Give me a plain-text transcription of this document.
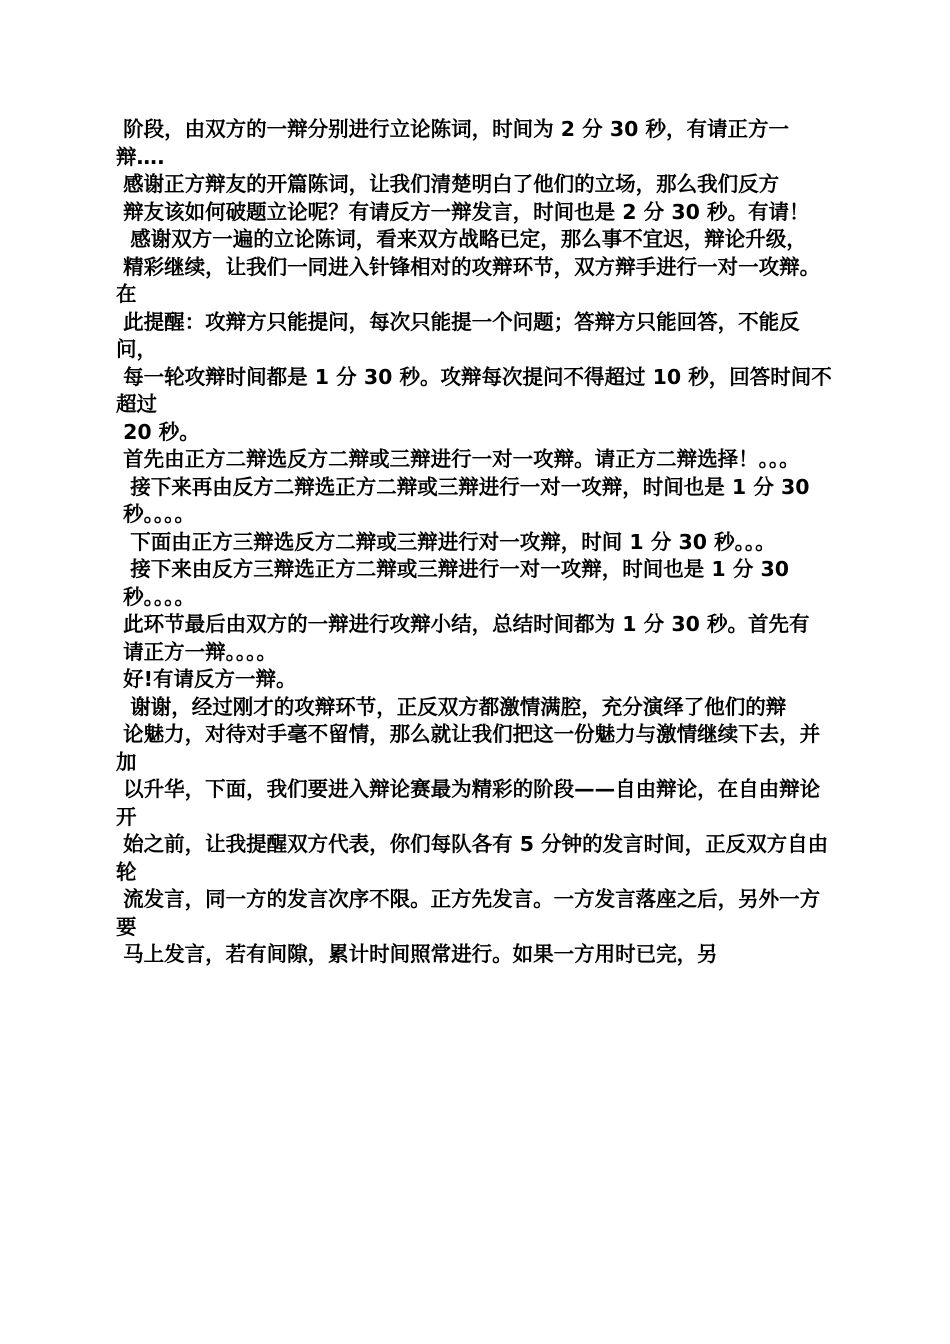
阶段，由双方的一辩分别进行立论陈词，时间为 2 分 30 秒，有请正方一辩….

感谢正方辩友的开篇陈词，让我们清楚明白了他们的立场，那么我们反方

辩友该如何破题立论呢？有请反方一辩发言，时间也是 2 分 30 秒。有请！

感谢双方一遍的立论陈词，看来双方战略已定，那么事不宜迟，辩论升级，

精彩继续，让我们一同进入针锋相对的攻辩环节，双方辩手进行一对一攻辩。在

此提醒：攻辩方只能提问，每次只能提一个问题；答辩方只能回答，不能反问，

每一轮攻辩时间都是 1 分 30 秒。攻辩每次提问不得超过 10 秒，回答时间不超过

20 秒。

首先由正方二辩选反方二辩或三辩进行一对一攻辩。请正方二辩选择！。。。

接下来再由反方二辩选正方二辩或三辩进行一对一攻辩，时间也是 1 分 30

秒。。。。

下面由正方三辩选反方二辩或三辩进行对一攻辩，时间 1 分 30 秒。。。

接下来由反方三辩选正方二辩或三辩进行一对一攻辩，时间也是 1 分 30

秒。。。。

此环节最后由双方的一辩进行攻辩小结，总结时间都为 1 分 30 秒。首先有

请正方一辩。。。。

好!有请反方一辩。

谢谢，经过刚才的攻辩环节，正反双方都激情满腔，充分演绎了他们的辩

论魅力，对待对手毫不留情，那么就让我们把这一份魅力与激情继续下去，并加

以升华，下面，我们要进入辩论赛最为精彩的阶段——自由辩论，在自由辩论开

始之前，让我提醒双方代表，你们每队各有 5 分钟的发言时间，正反双方自由轮

流发言，同一方的发言次序不限。正方先发言。一方发言落座之后，另外一方要

马上发言，若有间隙，累计时间照常进行。如果一方用时已完，另
